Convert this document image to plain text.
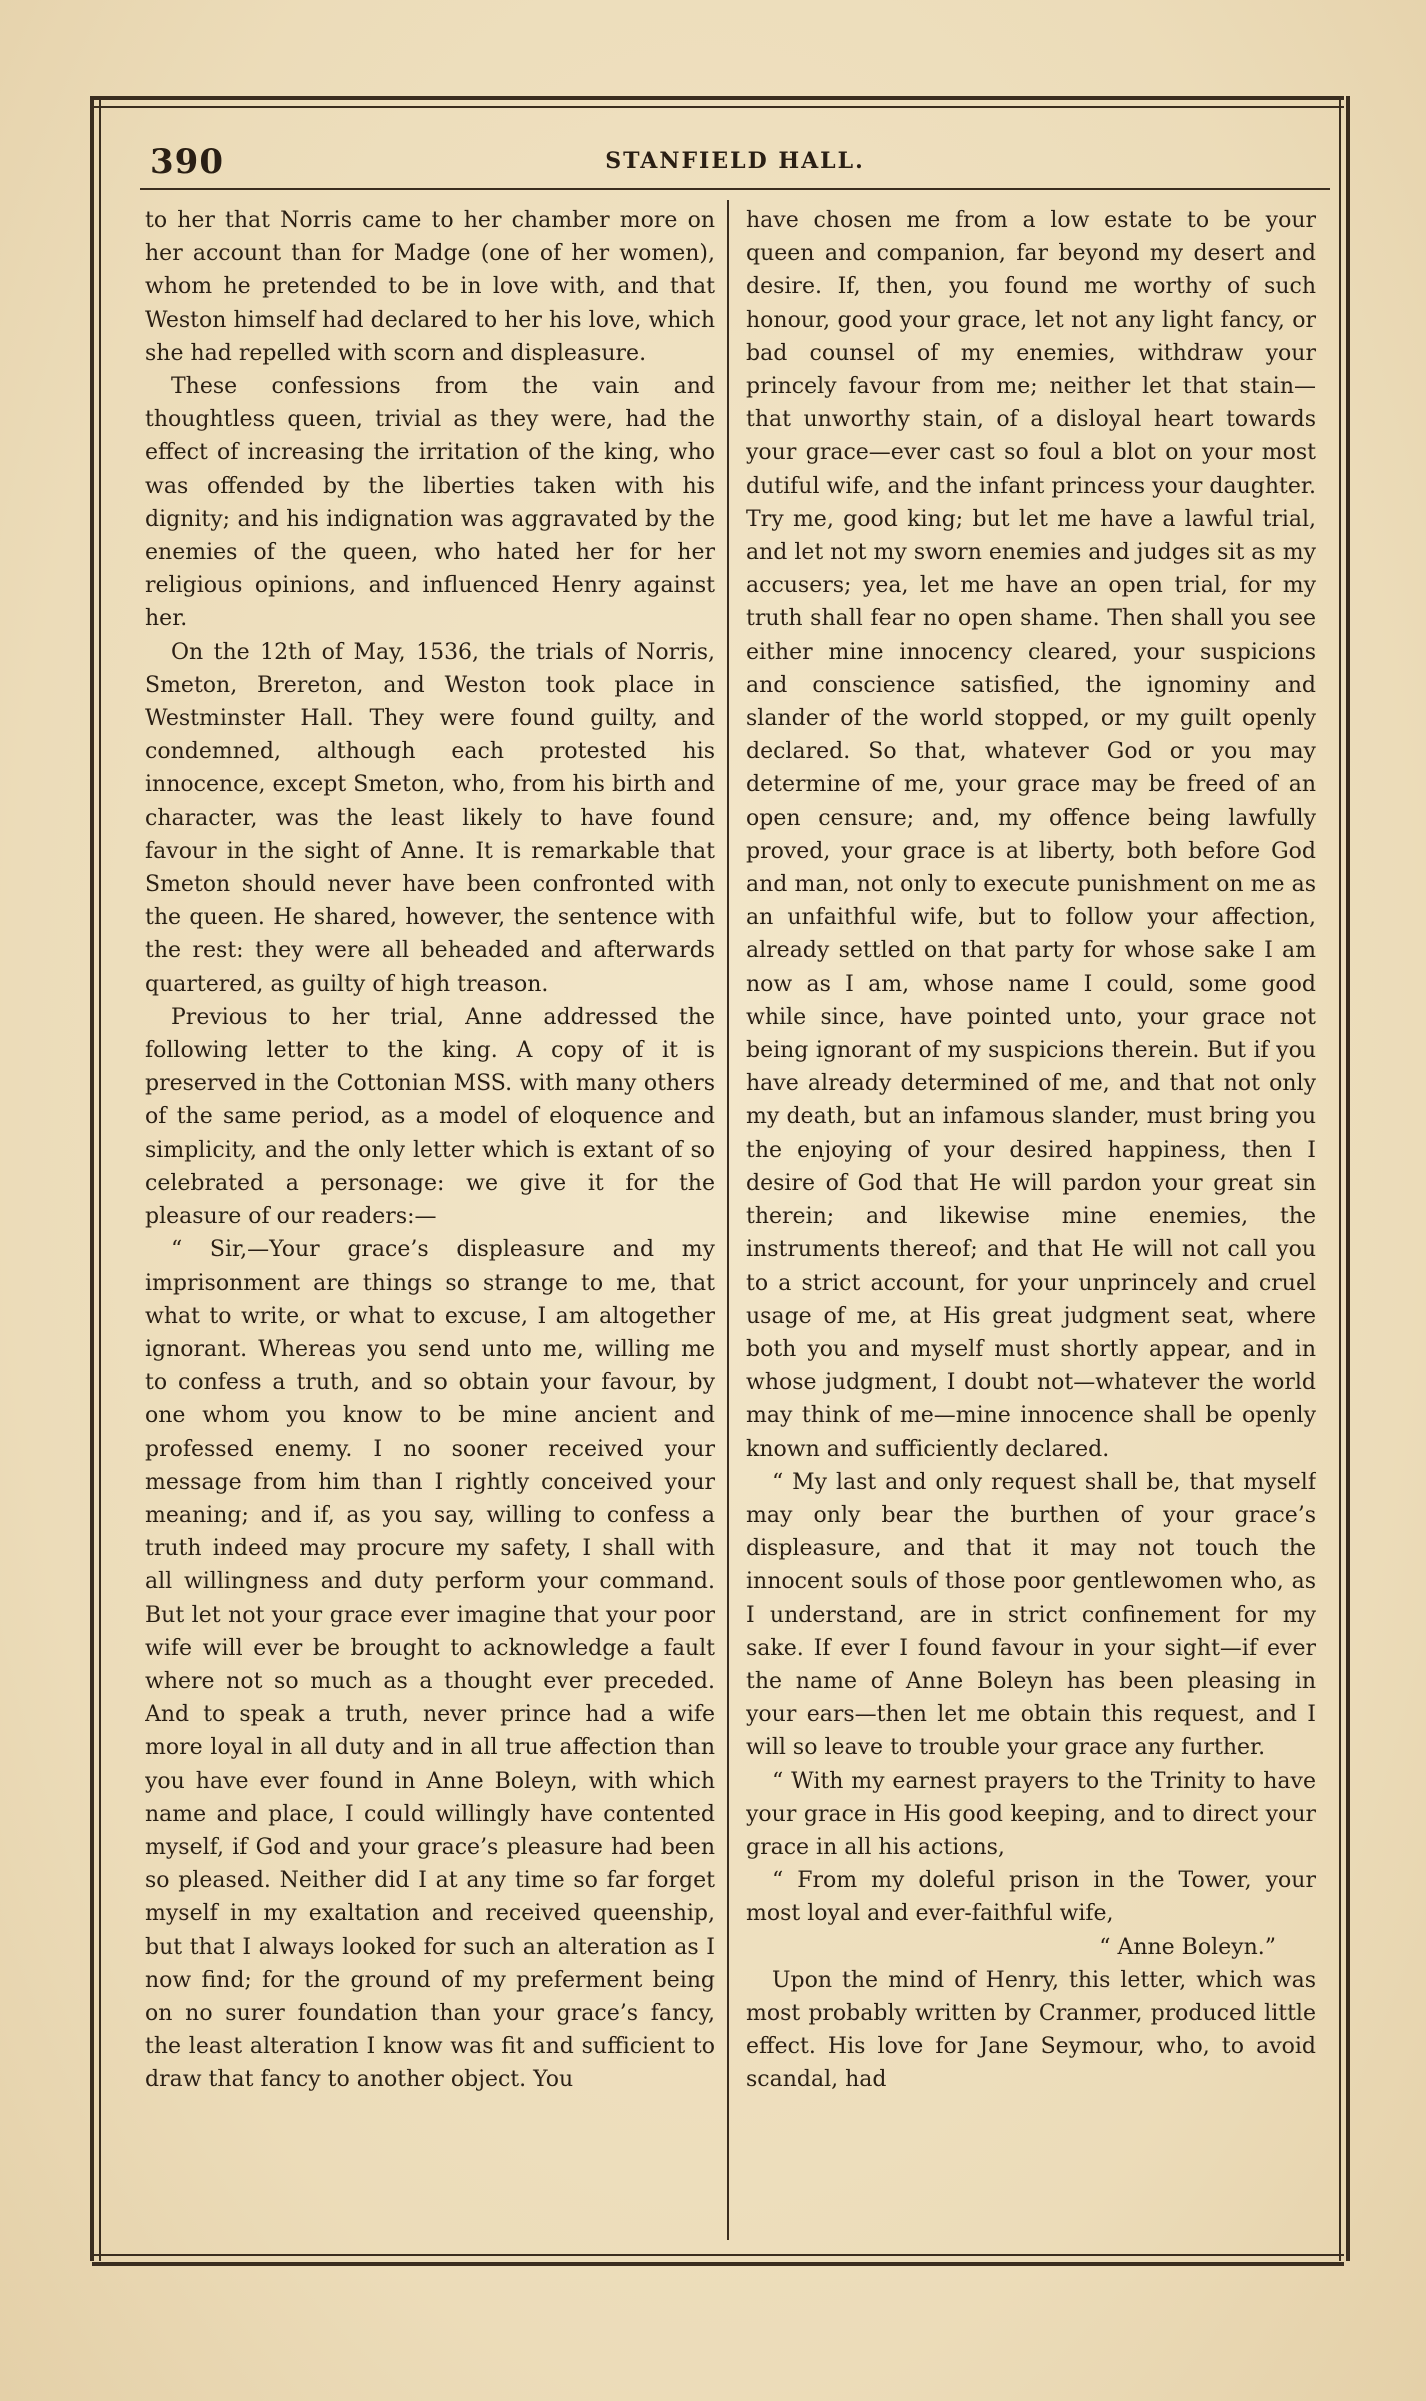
390	STANFIELD HALL.

to her that Norris came to her chamber more on her account than for Madge (one of her women), whom he pretended to be in love with, and that Weston himself had declared to her his love, which she had repelled with scorn and displeasure.

These confessions from the vain and thoughtless queen, trivial as they were, had the effect of increasing the irritation of the king, who was offended by the liberties taken with his dignity; and his indignation was aggravated by the enemies of the queen, who hated her for her religious opinions, and influenced Henry against her.

On the 12th of May, 1536, the trials of Norris, Smeton, Brereton, and Weston took place in Westminster Hall. They were found guilty, and condemned, although each protested his innocence, except Smeton, who, from his birth and character, was the least likely to have found favour in the sight of Anne. It is remarkable that Smeton should never have been confronted with the queen. He shared, however, the sentence with the rest: they were all beheaded and afterwards quartered, as guilty of high treason.

Previous to her trial, Anne addressed the following letter to the king. A copy of it is preserved in the Cottonian MSS. with many others of the same period, as a model of eloquence and simplicity, and the only letter which is extant of so celebrated a personage: we give it for the pleasure of our readers:—

“ Sir,—Your grace’s displeasure and my imprisonment are things so strange to me, that what to write, or what to excuse, I am altogether ignorant. Whereas you send unto me, willing me to confess a truth, and so obtain your favour, by one whom you know to be mine ancient and professed enemy. I no sooner received your message from him than I rightly conceived your meaning; and if, as you say, willing to confess a truth indeed may procure my safety, I shall with all willingness and duty perform your command. But let not your grace ever imagine that your poor wife will ever be brought to acknowledge a fault where not so much as a thought ever preceded. And to speak a truth, never prince had a wife more loyal in all duty and in all true affection than you have ever found in Anne Boleyn, with which name and place, I could willingly have contented myself, if God and your grace’s pleasure had been so pleased. Neither did I at any time so far forget myself in my exaltation and received queenship, but that I always looked for such an alteration as I now find; for the ground of my preferment being on no surer foundation than your grace’s fancy, the least alteration I know was fit and sufficient to draw that fancy to another object. You

have chosen me from a low estate to be your queen and companion, far beyond my desert and desire. If, then, you found me worthy of such honour, good your grace, let not any light fancy, or bad counsel of my enemies, withdraw your princely favour from me; neither let that stain—that unworthy stain, of a disloyal heart towards your grace—ever cast so foul a blot on your most dutiful wife, and the infant princess your daughter. Try me, good king; but let me have a lawful trial, and let not my sworn enemies and judges sit as my accusers; yea, let me have an open trial, for my truth shall fear no open shame. Then shall you see either mine innocency cleared, your suspicions and conscience satisfied, the ignominy and slander of the world stopped, or my guilt openly declared. So that, whatever God or you may determine of me, your grace may be freed of an open censure; and, my offence being lawfully proved, your grace is at liberty, both before God and man, not only to execute punishment on me as an unfaithful wife, but to follow your affection, already settled on that party for whose sake I am now as I am, whose name I could, some good while since, have pointed unto, your grace not being ignorant of my suspicions therein. But if you have already determined of me, and that not only my death, but an infamous slander, must bring you the enjoying of your desired happiness, then I desire of God that He will pardon your great sin therein; and likewise mine enemies, the instruments thereof; and that He will not call you to a strict account, for your unprincely and cruel usage of me, at His great judgment seat, where both you and myself must shortly appear, and in whose judgment, I doubt not—whatever the world may think of me—mine innocence shall be openly known and sufficiently declared.

“ My last and only request shall be, that myself may only bear the burthen of your grace’s displeasure, and that it may not touch the innocent souls of those poor gentlewomen who, as I understand, are in strict confinement for my sake. If ever I found favour in your sight—if ever the name of Anne Boleyn has been pleasing in your ears—then let me obtain this request, and I will so leave to trouble your grace any further.

“ With my earnest prayers to the Trinity to have your grace in His good keeping, and to direct your grace in all his actions,

“ From my doleful prison in the Tower, your most loyal and ever-faithful wife,

“ Anne Boleyn.”

Upon the mind of Henry, this letter, which was most probably written by Cranmer, produced little effect. His love for Jane Seymour, who, to avoid scandal, had
